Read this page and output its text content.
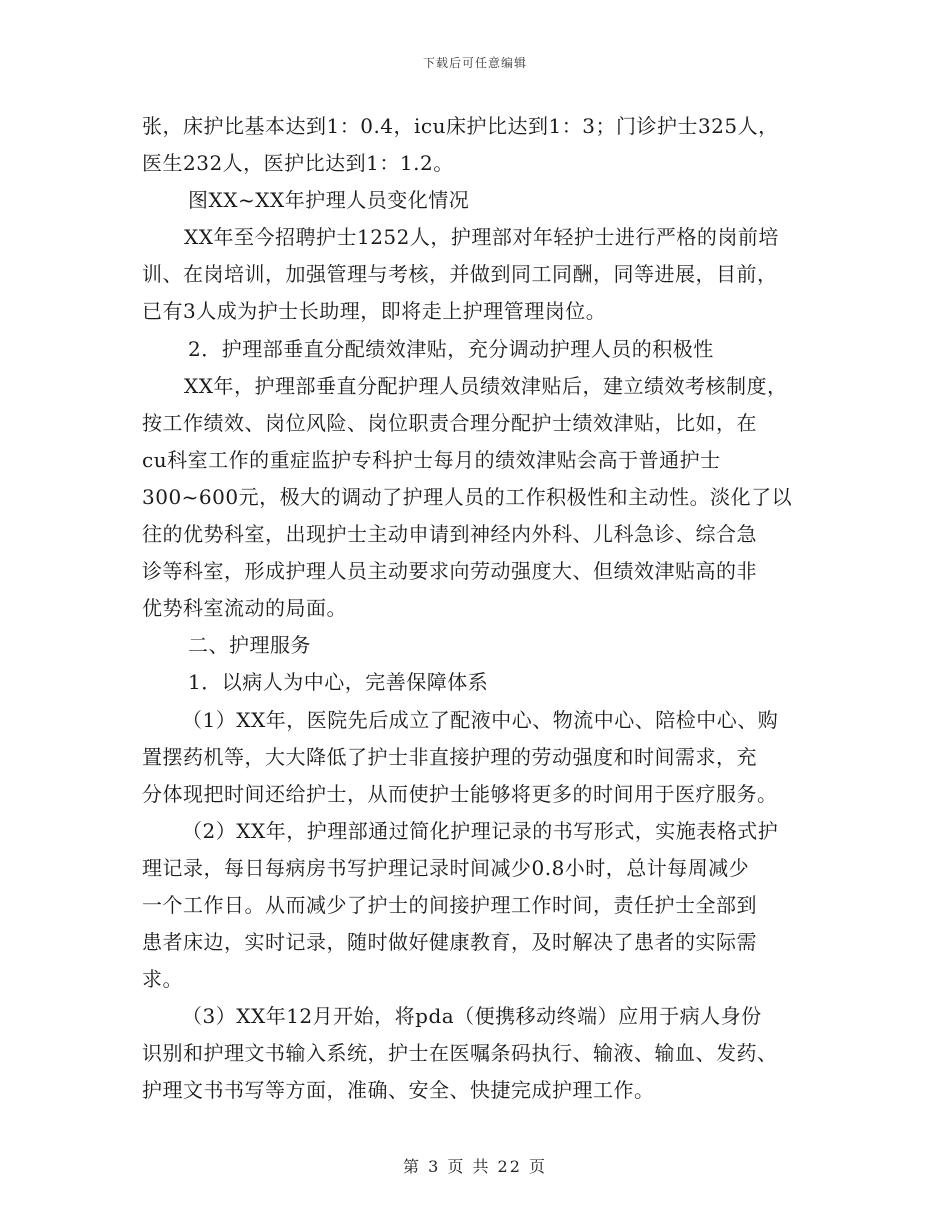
下载后可任意编辑
张，床护比基本达到1：0.4，icu床护比达到1：3；门诊护士325人，
医生232人，医护比达到1：1.2。
图XX~XX年护理人员变化情况
XX年至今招聘护士1252人，护理部对年轻护士进行严格的岗前培
训、在岗培训，加强管理与考核，并做到同工同酬，同等进展，目前，
已有3人成为护士长助理，即将走上护理管理岗位。
2．护理部垂直分配绩效津贴，充分调动护理人员的积极性
XX年，护理部垂直分配护理人员绩效津贴后，建立绩效考核制度，
按工作绩效、岗位风险、岗位职责合理分配护士绩效津贴，比如，在
cu科室工作的重症监护专科护士每月的绩效津贴会高于普通护士
300~600元，极大的调动了护理人员的工作积极性和主动性。淡化了以
往的优势科室，出现护士主动申请到神经内外科、儿科急诊、综合急
诊等科室，形成护理人员主动要求向劳动强度大、但绩效津贴高的非
优势科室流动的局面。
二、护理服务
1．以病人为中心，完善保障体系
（1）XX年，医院先后成立了配液中心、物流中心、陪检中心、购
置摆药机等，大大降低了护士非直接护理的劳动强度和时间需求，充
分体现把时间还给护士，从而使护士能够将更多的时间用于医疗服务。
（2）XX年，护理部通过简化护理记录的书写形式，实施表格式护
理记录，每日每病房书写护理记录时间减少0.8小时，总计每周减少
一个工作日。从而减少了护士的间接护理工作时间，责任护士全部到
患者床边，实时记录，随时做好健康教育，及时解决了患者的实际需
求。
（3）XX年12月开始，将pda（便携移动终端）应用于病人身份
识别和护理文书输入系统，护士在医嘱条码执行、输液、输血、发药、
护理文书书写等方面，准确、安全、快捷完成护理工作。
第 3 页 共 22 页
